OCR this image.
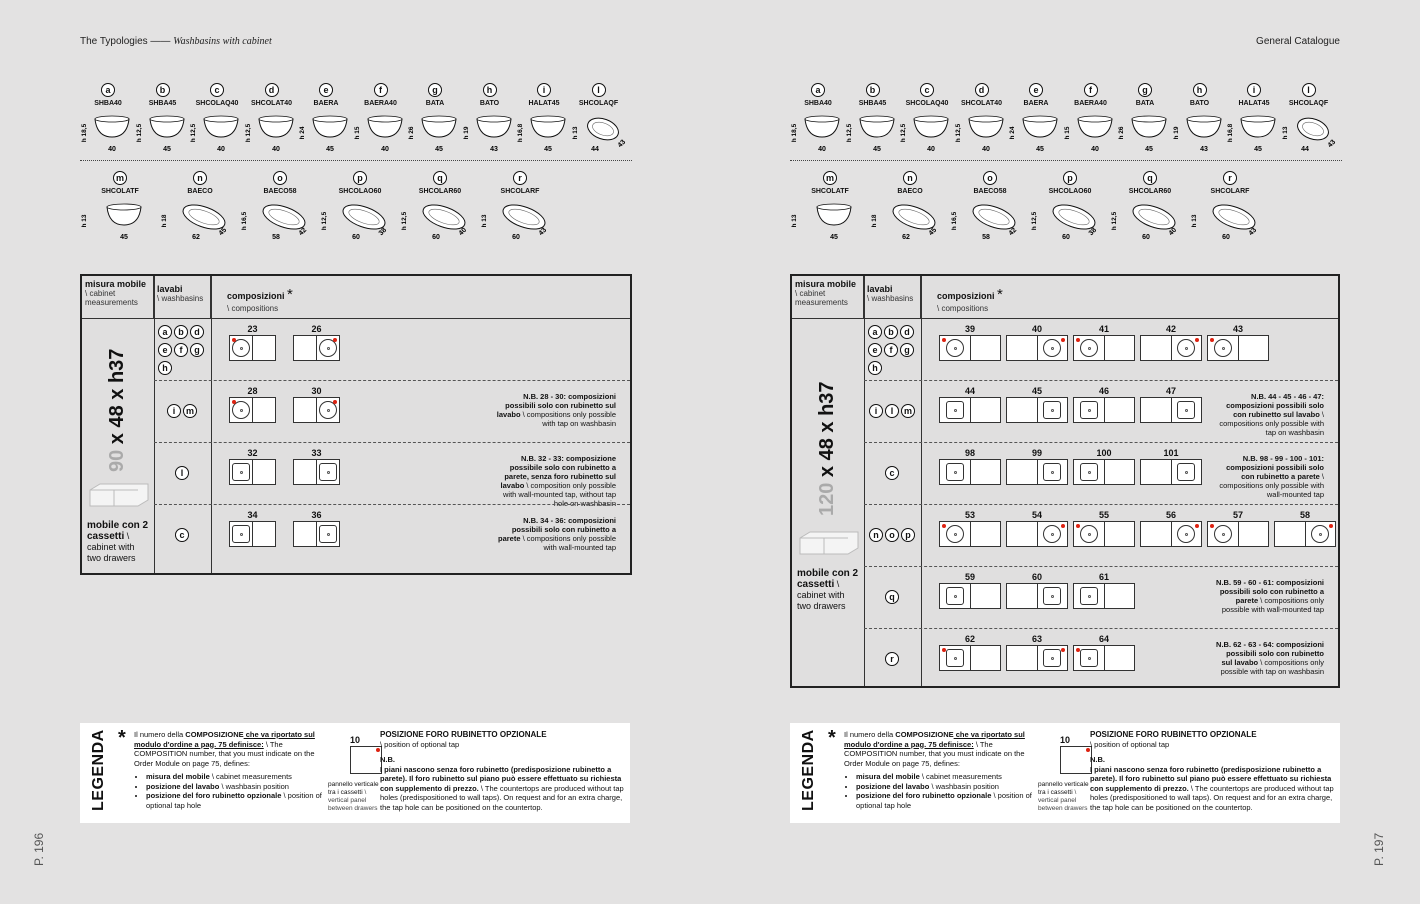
The Typologies —— Washbasins with cabinet
a
SHBA40
h 18,5
40
b
SHBA45
h 12,5
45
c
SHCOLAQ40
h 12,5
40
d
SHCOLAT40
h 12,5
40
e
BAERA
h 24
45
f
BAERA40
h 15
40
g
BATA
h 26
45
h
BATO
h 19
43
i
HALAT45
h 16,8
45
l
SHCOLAQF
h 13
44
43
m
SHCOLATF
h 13
45
n
BAECO
h 18
62
45
o
BAECO58
h 16,5
58
42
p
SHCOLAO60
h 12,5
60
38
q
SHCOLAR60
h 12,5
60
40
r
SHCOLARF
h 13
60
43
misura mobile
\ cabinet measurements
lavabi
\ washbasins	composizioni *
\ compositions
90 x 48 x h37
mobile con 2 cassetti \ cabinet with two drawers
a b d
e f g
h
23	26
i m
28	30
N.B. 28 - 30: composizioni possibili solo con rubinetto sul lavabo \ compositions only possible with tap on washbasin
l
32	33
N.B. 32 - 33: composizione possibile solo con rubinetto a parete, senza foro rubinetto sul lavabo \ composition only possible with wall-mounted tap, without tap hole on washbasin
c
34	36
N.B. 34 - 36: composizioni possibili solo con rubinetto a parete \ compositions only possible with wall-mounted tap
LEGENDA * Il numero della COMPOSIZIONE che va riportato sul modulo d'ordine a pag. 75 definisce: \ The COMPOSITION number, that you must indicate on the Order Module on page 75, defines:
• misura del mobile \ cabinet measurements
• posizione del lavabo \ washbasin position
• posizione del foro rubinetto opzionale \ position of optional tap hole
10
pannello verticale tra i cassetti \ vertical panel between drawers
POSIZIONE FORO RUBINETTO OPZIONALE
\ position of optional tap
N.B.
I piani nascono senza foro rubinetto (predisposizione rubinetto a parete). Il foro rubinetto sul piano può essere effettuato su richiesta con supplemento di prezzo. \ The countertops are produced without tap holes (predispositioned to wall taps). On request and for an extra charge, the tap hole can be positioned on the countertop.
P. 196
General Catalogue
a
SHBA40
h 18,5
40
b
SHBA45
h 12,5
45
c
SHCOLAQ40
h 12,5
40
d
SHCOLAT40
h 12,5
40
e
BAERA
h 24
45
f
BAERA40
h 15
40
g
BATA
h 26
45
h
BATO
h 19
43
i
HALAT45
h 16,8
45
l
SHCOLAQF
h 13
44
43
m
SHCOLATF
h 13
45
n
BAECO
h 18
62
45
o
BAECO58
h 16,5
58
42
p
SHCOLAO60
h 12,5
60
38
q
SHCOLAR60
h 12,5
60
40
r
SHCOLARF
h 13
60
43
misura mobile
\ cabinet measurements
lavabi
\ washbasins	composizioni *
\ compositions
120 x 48 x h37
mobile con 2 cassetti \ cabinet with two drawers
a b d
e f g
h
39	40	41	42	43
i l m
44	45	46	47
N.B. 44 - 45 - 46 - 47: composizioni possibili solo con rubinetto sul lavabo \ compositions only possible with tap on washbasin
c
98	99	100	101
N.B. 98 - 99 - 100 - 101: composizioni possibili solo con rubinetto a parete \ compositions only possible with wall-mounted tap
n o p
53	54	55	56	57	58
q
59	60	61
N.B. 59 - 60 - 61: composizioni possibili solo con rubinetto a parete \ compositions only possible with wall-mounted tap
r
62	63	64
N.B. 62 - 63 - 64: composizioni possibili solo con rubinetto sul lavabo \ compositions only possible with tap on washbasin
LEGENDA * Il numero della COMPOSIZIONE che va riportato sul modulo d'ordine a pag. 75 definisce: \ The COMPOSITION number, that you must indicate on the Order Module on page 75, defines:
• misura del mobile \ cabinet measurements
• posizione del lavabo \ washbasin position
• posizione del foro rubinetto opzionale \ position of optional tap hole
10
pannello verticale tra i cassetti \ vertical panel between drawers
POSIZIONE FORO RUBINETTO OPZIONALE
\ position of optional tap
N.B.
I piani nascono senza foro rubinetto (predisposizione rubinetto a parete). Il foro rubinetto sul piano può essere effettuato su richiesta con supplemento di prezzo. \ The countertops are produced without tap holes (predispositioned to wall taps). On request and for an extra charge, the tap hole can be positioned on the countertop.
P. 197
